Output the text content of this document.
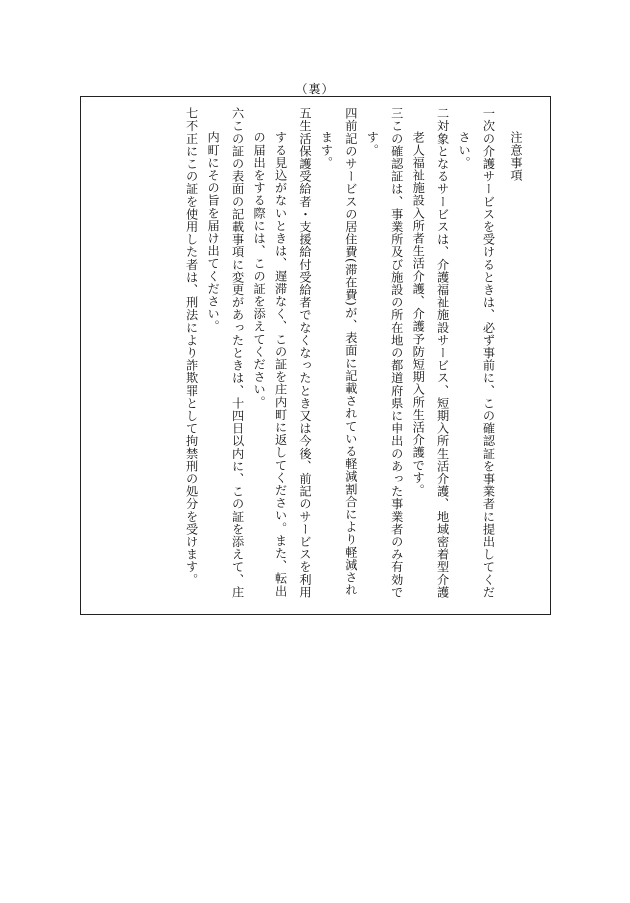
（裏）

注意事項

一次の介護サービスを受けるときは、必ず事前に、この確認証を事業者に提出してください。

二対象となるサービスは、介護福祉施設サービス、短期入所生活介護、地域密着型介護老人福祉施設入所者生活介護、介護予防短期入所生活介護です。

三この確認証は、事業所及び施設の所在地の都道府県に申出のあった事業者のみ有効です。

四前記のサービスの居住費(滞在費)が、表面に記載されている軽減割合により軽減されます。

五生活保護受給者・支援給付受給者でなくなったとき又は今後、前記のサービスを利用する見込がないときは、遅滞なく、この証を庄内町に返してください。また、転出の届出をする際には、この証を添えてください。

六この証の表面の記載事項に変更があったときは、十四日以内に、この証を添えて、庄内町にその旨を届け出てください。

七不正にこの証を使用した者は、刑法により詐欺罪として拘禁刑の処分を受けます。
